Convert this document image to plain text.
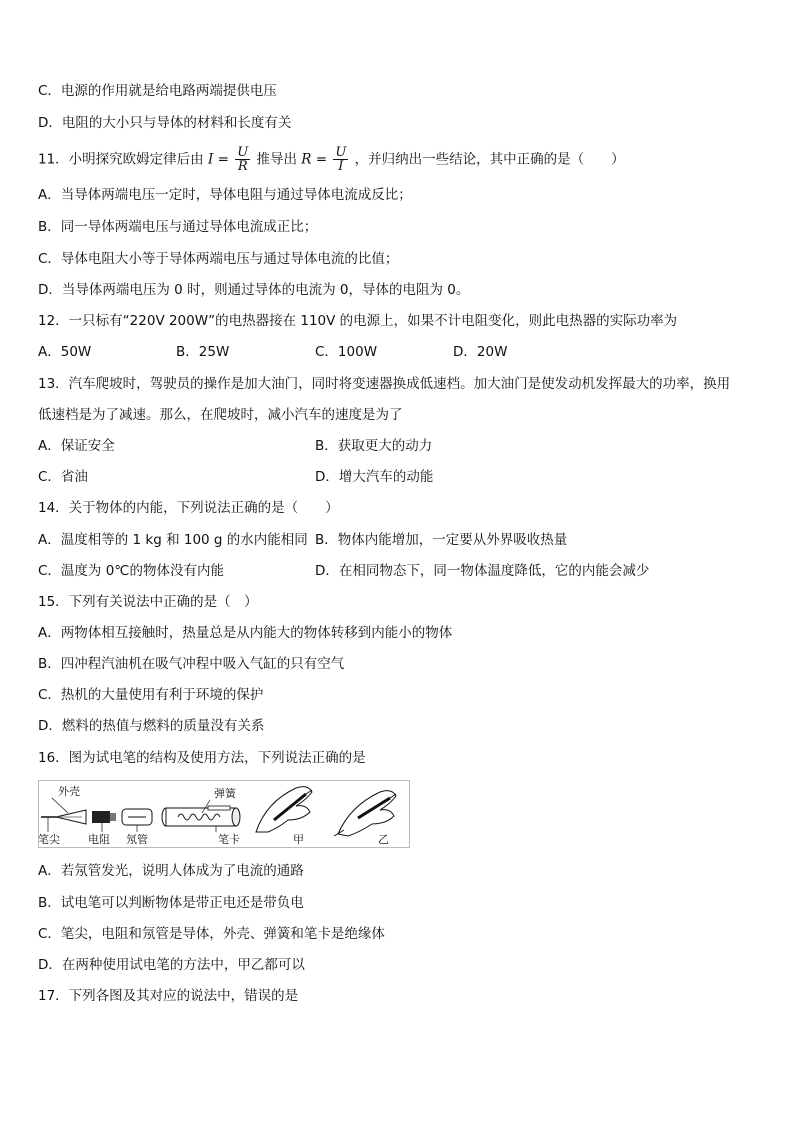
C．电源的作用就是给电路两端提供电压
D．电阻的大小只与导体的材料和长度有关
11．小明探究欧姆定律后由 $I = \frac{U}{R}$ 推导出 $R = \frac{U}{I}$ ，并归纳出一些结论，其中正确的是（　　）
A．当导体两端电压一定时，导体电阻与通过导体电流成反比；
B．同一导体两端电压与通过导体电流成正比；
C．导体电阻大小等于导体两端电压与通过导体电流的比值；
D．当导体两端电压为 0 时，则通过导体的电流为 0，导体的电阻为 0。
12．一只标有“220V 200W”的电热器接在 110V 的电源上，如果不计电阻变化，则此电热器的实际功率为
A．50W	B．25W	C．100W	D．20W
13．汽车爬坡时，驾驶员的操作是加大油门，同时将变速器换成低速档。加大油门是使发动机发挥最大的功率，换用
低速档是为了减速。那么，在爬坡时，减小汽车的速度是为了
A．保证安全	B．获取更大的动力
C．省油	D．增大汽车的动能
14．关于物体的内能，下列说法正确的是（　　）
A．温度相等的 1 kg 和 100 g 的水内能相同 B．物体内能增加，一定要从外界吸收热量
C．温度为 0℃的物体没有内能	D．在相同物态下，同一物体温度降低，它的内能会减少
15．下列有关说法中正确的是（　）
A．两物体相互接触时，热量总是从内能大的物体转移到内能小的物体
B．四冲程汽油机在吸气冲程中吸入气缸的只有空气
C．热机的大量使用有利于环境的保护
D．燃料的热值与燃料的质量没有关系
16．图为试电笔的结构及使用方法，下列说法正确的是
外壳
笔尖	电阻 氖管
弹簧
笔卡	甲	乙
A．若氖管发光，说明人体成为了电流的通路
B．试电笔可以判断物体是带正电还是带负电
C．笔尖，电阻和氖管是导体，外壳、弹簧和笔卡是绝缘体
D．在两种使用试电笔的方法中，甲乙都可以
17．下列各图及其对应的说法中，错误的是
